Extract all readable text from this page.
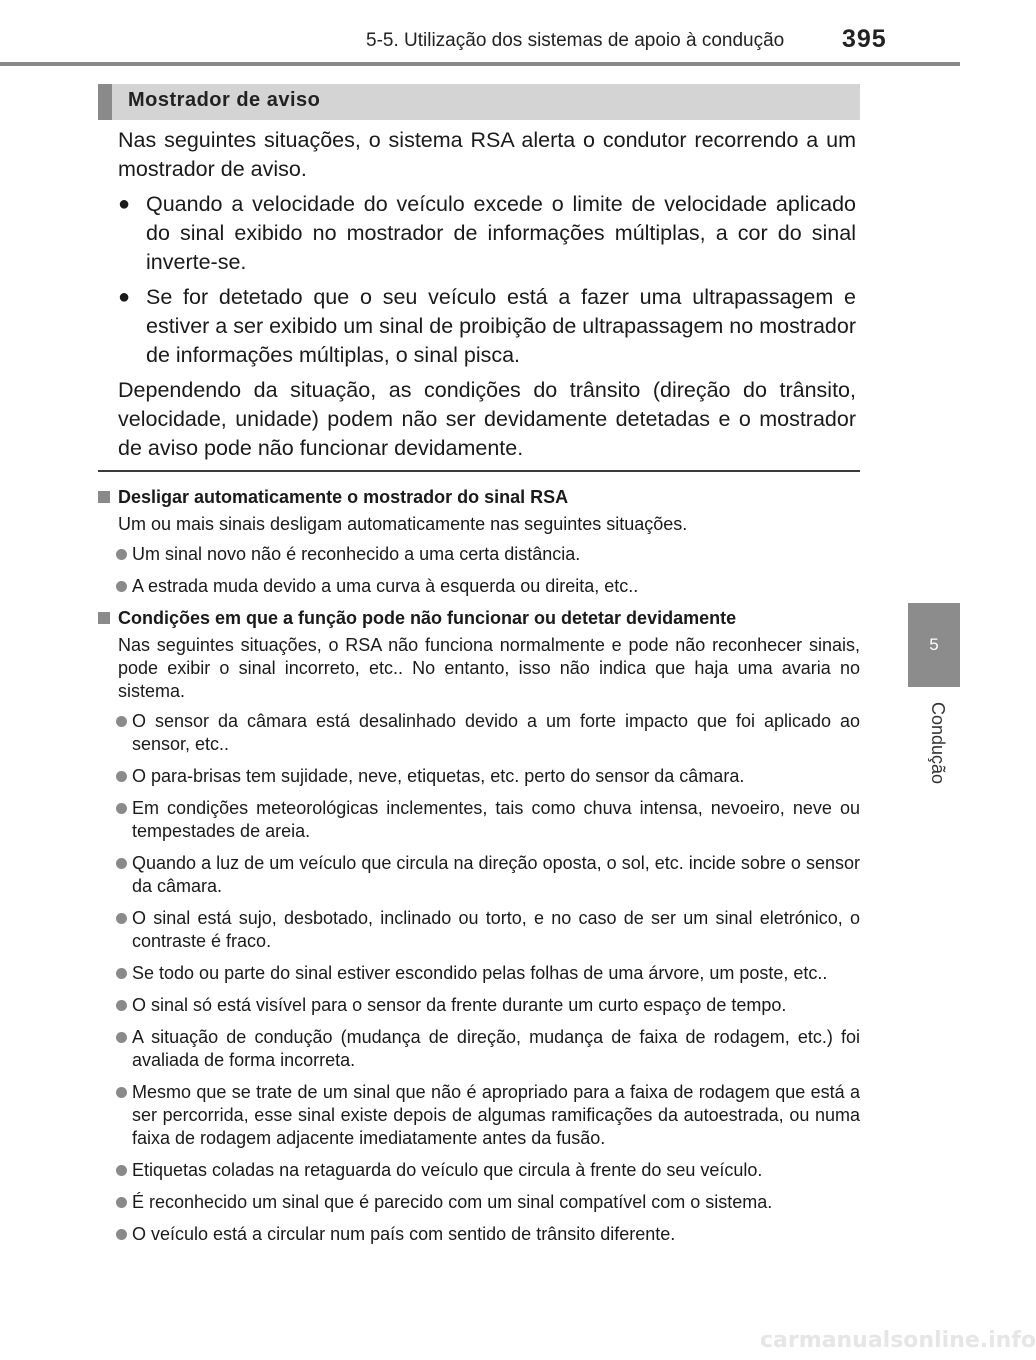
5-5. Utilização dos sistemas de apoio à condução 395
5
Condução
Mostrador de aviso

Nas seguintes situações, o sistema RSA alerta o condutor recorrendo a um mostrador de aviso.

● Quando a velocidade do veículo excede o limite de velocidade aplicado do sinal exibido no mostrador de informações múltiplas, a cor do sinal inverte-se.
● Se for detetado que o seu veículo está a fazer uma ultrapassagem e estiver a ser exibido um sinal de proibição de ultrapassagem no mostrador de informações múltiplas, o sinal pisca.

Dependendo da situação, as condições do trânsito (direção do trânsito, velocidade, unidade) podem não ser devidamente detetadas e o mostrador de aviso pode não funcionar devidamente.

Desligar automaticamente o mostrador do sinal RSA
Um ou mais sinais desligam automaticamente nas seguintes situações.
Um sinal novo não é reconhecido a uma certa distância.
A estrada muda devido a uma curva à esquerda ou direita, etc..
Condições em que a função pode não funcionar ou detetar devidamente
Nas seguintes situações, o RSA não funciona normalmente e pode não reconhecer sinais, pode exibir o sinal incorreto, etc.. No entanto, isso não indica que haja uma avaria no sistema.
O sensor da câmara está desalinhado devido a um forte impacto que foi aplicado ao sensor, etc..
O para-brisas tem sujidade, neve, etiquetas, etc. perto do sensor da câmara.
Em condições meteorológicas inclementes, tais como chuva intensa, nevoeiro, neve ou tempestades de areia.
Quando a luz de um veículo que circula na direção oposta, o sol, etc. incide sobre o sensor da câmara.
O sinal está sujo, desbotado, inclinado ou torto, e no caso de ser um sinal eletrónico, o contraste é fraco.
Se todo ou parte do sinal estiver escondido pelas folhas de uma árvore, um poste, etc..
O sinal só está visível para o sensor da frente durante um curto espaço de tempo.
A situação de condução (mudança de direção, mudança de faixa de rodagem, etc.) foi avaliada de forma incorreta.
Mesmo que se trate de um sinal que não é apropriado para a faixa de rodagem que está a ser percorrida, esse sinal existe depois de algumas ramificações da autoestrada, ou numa faixa de rodagem adjacente imediatamente antes da fusão.
Etiquetas coladas na retaguarda do veículo que circula à frente do seu veículo.
É reconhecido um sinal que é parecido com um sinal compatível com o sistema.
O veículo está a circular num país com sentido de trânsito diferente.
carmanualsonline.info
